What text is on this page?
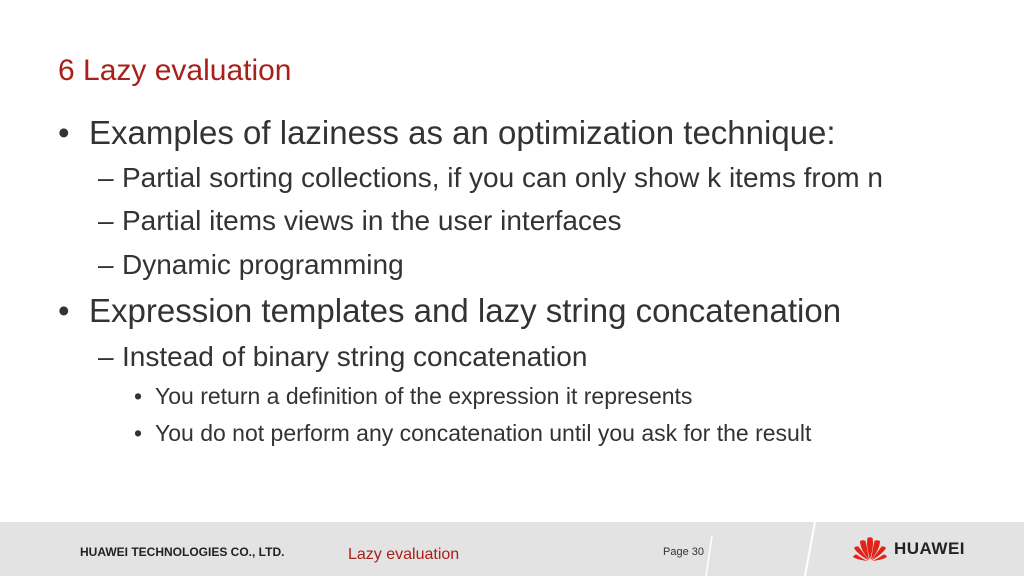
6 Lazy evaluation
• Examples of laziness as an optimization technique:
– Partial sorting collections, if you can only show k items from n
– Partial items views in the user interfaces
– Dynamic programming
• Expression templates and lazy string concatenation
– Instead of binary string concatenation
• You return a definition of the expression it represents
• You do not perform any concatenation until you ask for the result
HUAWEI TECHNOLOGIES CO., LTD.	Lazy evaluation	Page 30	HUAWEI
